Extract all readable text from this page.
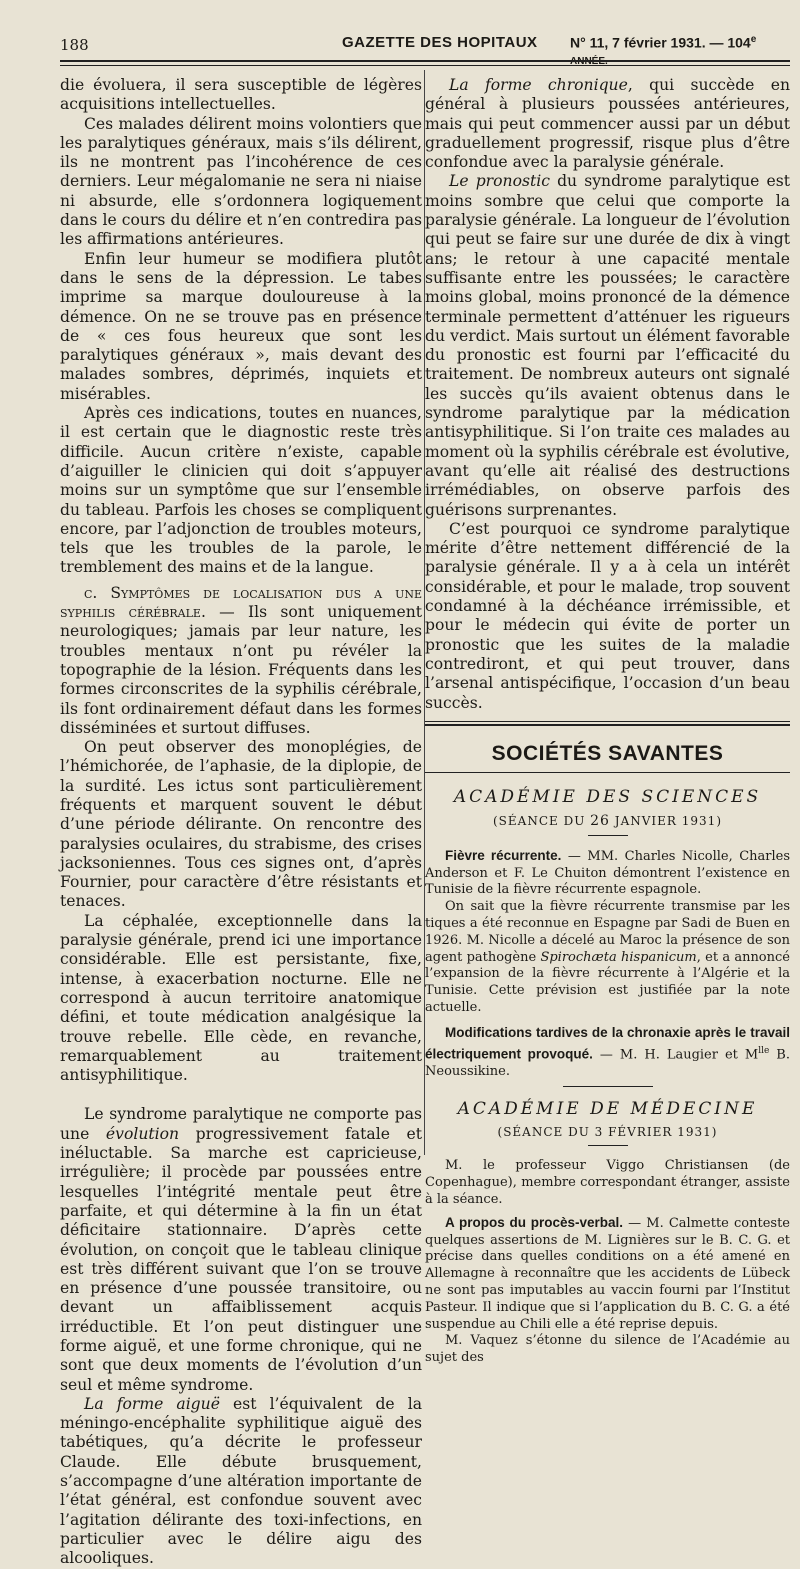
188	GAZETTE DES HOPITAUX N° 11, 7 février 1931. — 104e ANNÉE.

die évoluera, il sera susceptible de légères acquisitions intellectuelles.

Ces malades délirent moins volontiers que les paralytiques généraux, mais s’ils délirent, ils ne montrent pas l’incohérence de ces derniers. Leur mégalomanie ne sera ni niaise ni absurde, elle s’ordonnera logiquement dans le cours du délire et n’en contredira pas les affirmations antérieures.

Enfin leur humeur se modifiera plutôt dans le sens de la dépression. Le tabes imprime sa marque douloureuse à la démence. On ne se trouve pas en présence de « ces fous heureux que sont les paralytiques généraux », mais devant des malades sombres, déprimés, inquiets et misérables.

Après ces indications, toutes en nuances, il est certain que le diagnostic reste très difficile. Aucun critère n’existe, capable d’aiguiller le clinicien qui doit s’appuyer moins sur un symptôme que sur l’ensemble du tableau. Parfois les choses se compliquent encore, par l’adjonction de troubles moteurs, tels que les troubles de la parole, le tremblement des mains et de la langue.

c. Symptômes de localisation dus a une syphilis cérébrale. — Ils sont uniquement neurologiques; jamais par leur nature, les troubles mentaux n’ont pu révéler la topographie de la lésion. Fréquents dans les formes circonscrites de la syphilis cérébrale, ils font ordinairement défaut dans les formes disséminées et surtout diffuses.

On peut observer des monoplégies, de l’hémichorée, de l’aphasie, de la diplopie, de la surdité. Les ictus sont particulièrement fréquents et marquent souvent le début d’une période délirante. On rencontre des paralysies oculaires, du strabisme, des crises jacksoniennes. Tous ces signes ont, d’après Fournier, pour caractère d’être résistants et tenaces.

La céphalée, exceptionnelle dans la paralysie générale, prend ici une importance considérable. Elle est persistante, fixe, intense, à exacerbation nocturne. Elle ne correspond à aucun territoire anatomique défini, et toute médication analgésique la trouve rebelle. Elle cède, en revanche, remarquablement au traitement antisyphilitique.

Le syndrome paralytique ne comporte pas une évolution progressivement fatale et inéluctable. Sa marche est capricieuse, irrégulière; il procède par poussées entre lesquelles l’intégrité mentale peut être parfaite, et qui détermine à la fin un état déficitaire stationnaire. D’après cette évolution, on conçoit que le tableau clinique est très différent suivant que l’on se trouve en présence d’une poussée transitoire, ou devant un affaiblissement acquis irréductible. Et l’on peut distinguer une forme aiguë, et une forme chronique, qui ne sont que deux moments de l’évolution d’un seul et même syndrome.

La forme aiguë est l’équivalent de la méningo-encéphalite syphilitique aiguë des tabétiques, qu’a décrite le professeur Claude. Elle débute brusquement, s’accompagne d’une altération importante de l’état général, est confondue souvent avec l’agitation délirante des toxi-infections, en particulier avec le délire aigu des alcooliques.

La forme chronique, qui succède en général à plusieurs poussées antérieures, mais qui peut commencer aussi par un début graduellement progressif, risque plus d’être confondue avec la paralysie générale.

Le pronostic du syndrome paralytique est moins sombre que celui que comporte la paralysie générale. La longueur de l’évolution qui peut se faire sur une durée de dix à vingt ans; le retour à une capacité mentale suffisante entre les poussées; le caractère moins global, moins prononcé de la démence terminale permettent d’atténuer les rigueurs du verdict. Mais surtout un élément favorable du pronostic est fourni par l’efficacité du traitement. De nombreux auteurs ont signalé les succès qu’ils avaient obtenus dans le syndrome paralytique par la médication antisyphilitique. Si l’on traite ces malades au moment où la syphilis cérébrale est évolutive, avant qu’elle ait réalisé des destructions irrémédiables, on observe parfois des guérisons surprenantes.

C’est pourquoi ce syndrome paralytique mérite d’être nettement différencié de la paralysie générale. Il y a à cela un intérêt considérable, et pour le malade, trop souvent condamné à la déchéance irrémissible, et pour le médecin qui évite de porter un pronostic que les suites de la maladie contrediront, et qui peut trouver, dans l’arsenal antispécifique, l’occasion d’un beau succès.

SOCIÉTÉS SAVANTES
ACADÉMIE DES SCIENCES
(SÉANCE DU 26 JANVIER 1931)

Fièvre récurrente. — MM. Charles Nicolle, Charles Anderson et F. Le Chuiton démontrent l’existence en Tunisie de la fièvre récurrente espagnole.

On sait que la fièvre récurrente transmise par les tiques a été reconnue en Espagne par Sadi de Buen en 1926. M. Nicolle a décelé au Maroc la présence de son agent pathogène Spirochæta hispanicum, et a annoncé l’expansion de la fièvre récurrente à l’Algérie et la Tunisie. Cette prévision est justifiée par la note actuelle.

Modifications tardives de la chronaxie après le travail électriquement provoqué. — M. H. Laugier et $M^{lle}$ B. Neoussikine.

ACADÉMIE DE MÉDECINE
(SÉANCE DU 3 FÉVRIER 1931)

M. le professeur Viggo Christiansen (de Copenhague), membre correspondant étranger, assiste à la séance.

A propos du procès-verbal. — M. Calmette conteste quelques assertions de M. Lignières sur le B. C. G. et précise dans quelles conditions on a été amené en Allemagne à reconnaître que les accidents de Lübeck ne sont pas imputables au vaccin fourni par l’Institut Pasteur. Il indique que si l’application du B. C. G. a été suspendue au Chili elle a été reprise depuis.

M. Vaquez s’étonne du silence de l’Académie au sujet des
